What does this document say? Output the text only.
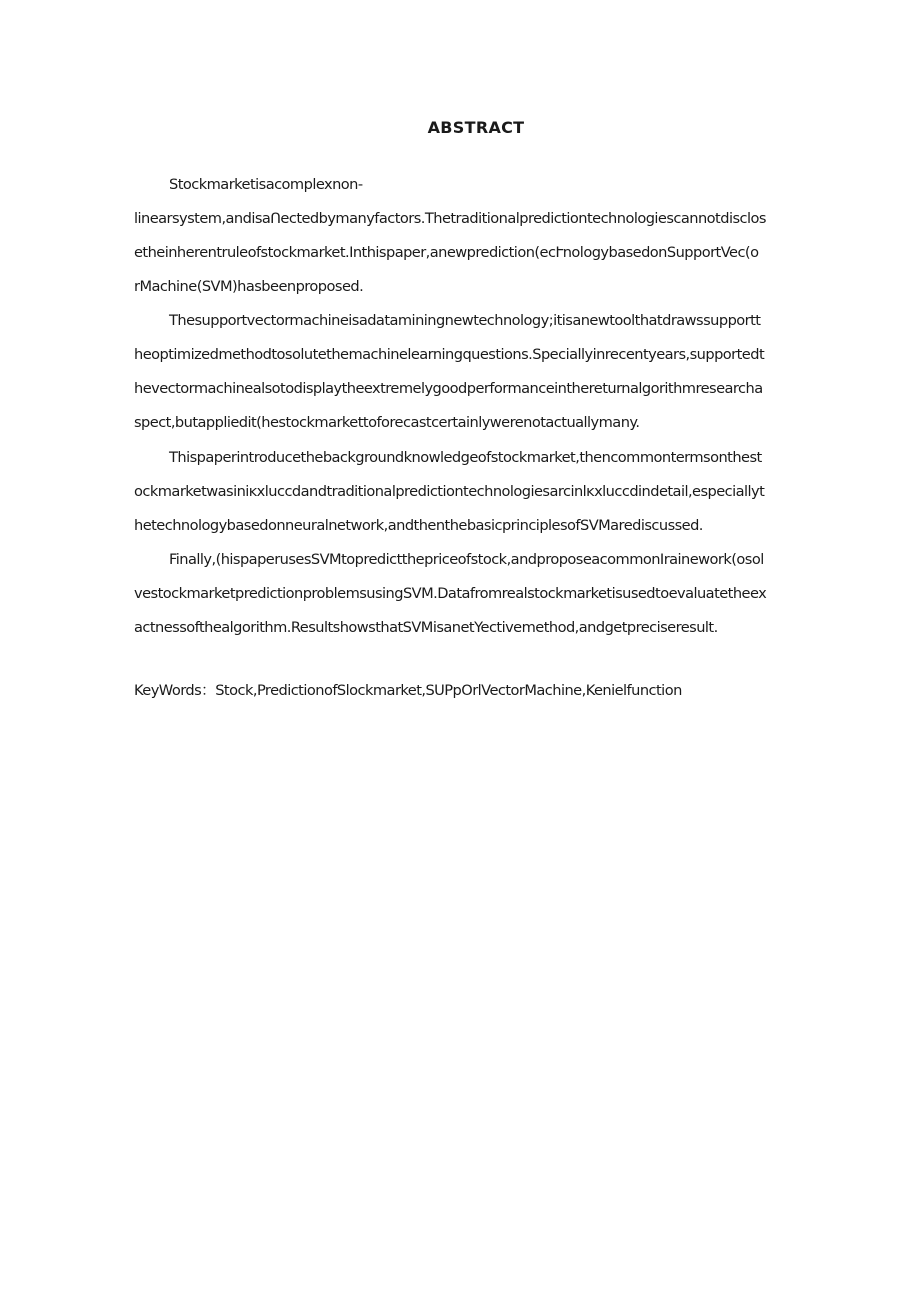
ABSTRACT
Stockmarketisacomplexnon-
linearsystem,andisaՈectedbymanyfactors.Thetraditionalpredictiontechnologiescannotdisclos
etheinherentruleofstockmarket.Inthispaper,anewprediction(ecՒnologybasedonSupportVec(o
rMachine(SVM)hasbeenproposed.
Thesupportvectormachineisadataminingnewtechnology;itisanewtoolthatdrawssupportt
heoptimizedmethodtosolutethemachinelearningquestions.Speciallyinrecentyears,supportedt
hevectormachinealsotodisplaytheextremelygoodperformanceinthereturnalgorithmresearcha
spect,butappliedit(hestockmarkettoforecastcertainlywerenotactuallymany.
Thispaperintroducethebackgroundknowledgeofstockmarket,thencommontermsonthest
ockmarketwasiniĸxluccdandtraditionalpredictiontechnologiesarcinlĸxluccdindetail,especiallyt
hetechnologybasedonneuralnetwork,andthenthebasicprinciplesofSVMarediscussed.
Finally,(hispaperusesSVMtopredictthepriceofstock,andproposeacommonIrainework(osol
vestockmarketpredictionproblemsusingSVM.Datafromrealstockmarketisusedtoevaluatetheex
actnessofthealgorithm.ResultshowsthatSVMisanetYectivemethod,andgetpreciseresult.
KeyWords：Stock,PredictionofSlockmarket,SUPpOrlVectorMachine,Kenielfunction
